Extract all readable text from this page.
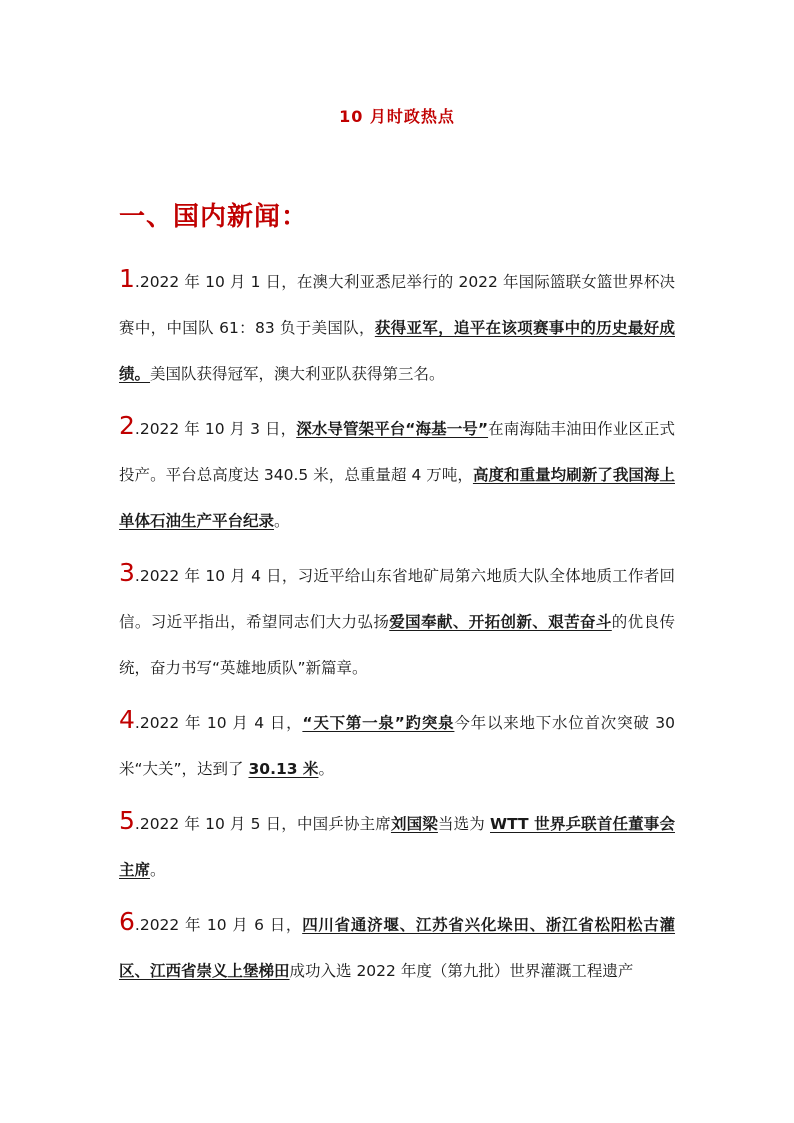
10 月时政热点
一、国内新闻：

1.2022 年 10 月 1 日，在澳大利亚悉尼举行的 2022 年国际篮联女篮世界杯决赛中，中国队 61：83 负于美国队，获得亚军，追平在该项赛事中的历史最好成绩。美国队获得冠军，澳大利亚队获得第三名。

2.2022 年 10 月 3 日，深水导管架平台“海基一号”在南海陆丰油田作业区正式投产。平台总高度达 340.5 米，总重量超 4 万吨，高度和重量均刷新了我国海上单体石油生产平台纪录。

3.2022 年 10 月 4 日，习近平给山东省地矿局第六地质大队全体地质工作者回信。习近平指出，希望同志们大力弘扬爱国奉献、开拓创新、艰苦奋斗的优良传统，奋力书写“英雄地质队”新篇章。

4.2022 年 10 月 4 日，“天下第一泉”趵突泉今年以来地下水位首次突破 30 米“大关”，达到了 30.13 米。

5.2022 年 10 月 5 日，中国乒协主席刘国梁当选为 WTT 世界乒联首任董事会主席。

6.2022 年 10 月 6 日，四川省通济堰、江苏省兴化垛田、浙江省松阳松古灌区、江西省崇义上堡梯田成功入选 2022 年度（第九批）世界灌溉工程遗产
